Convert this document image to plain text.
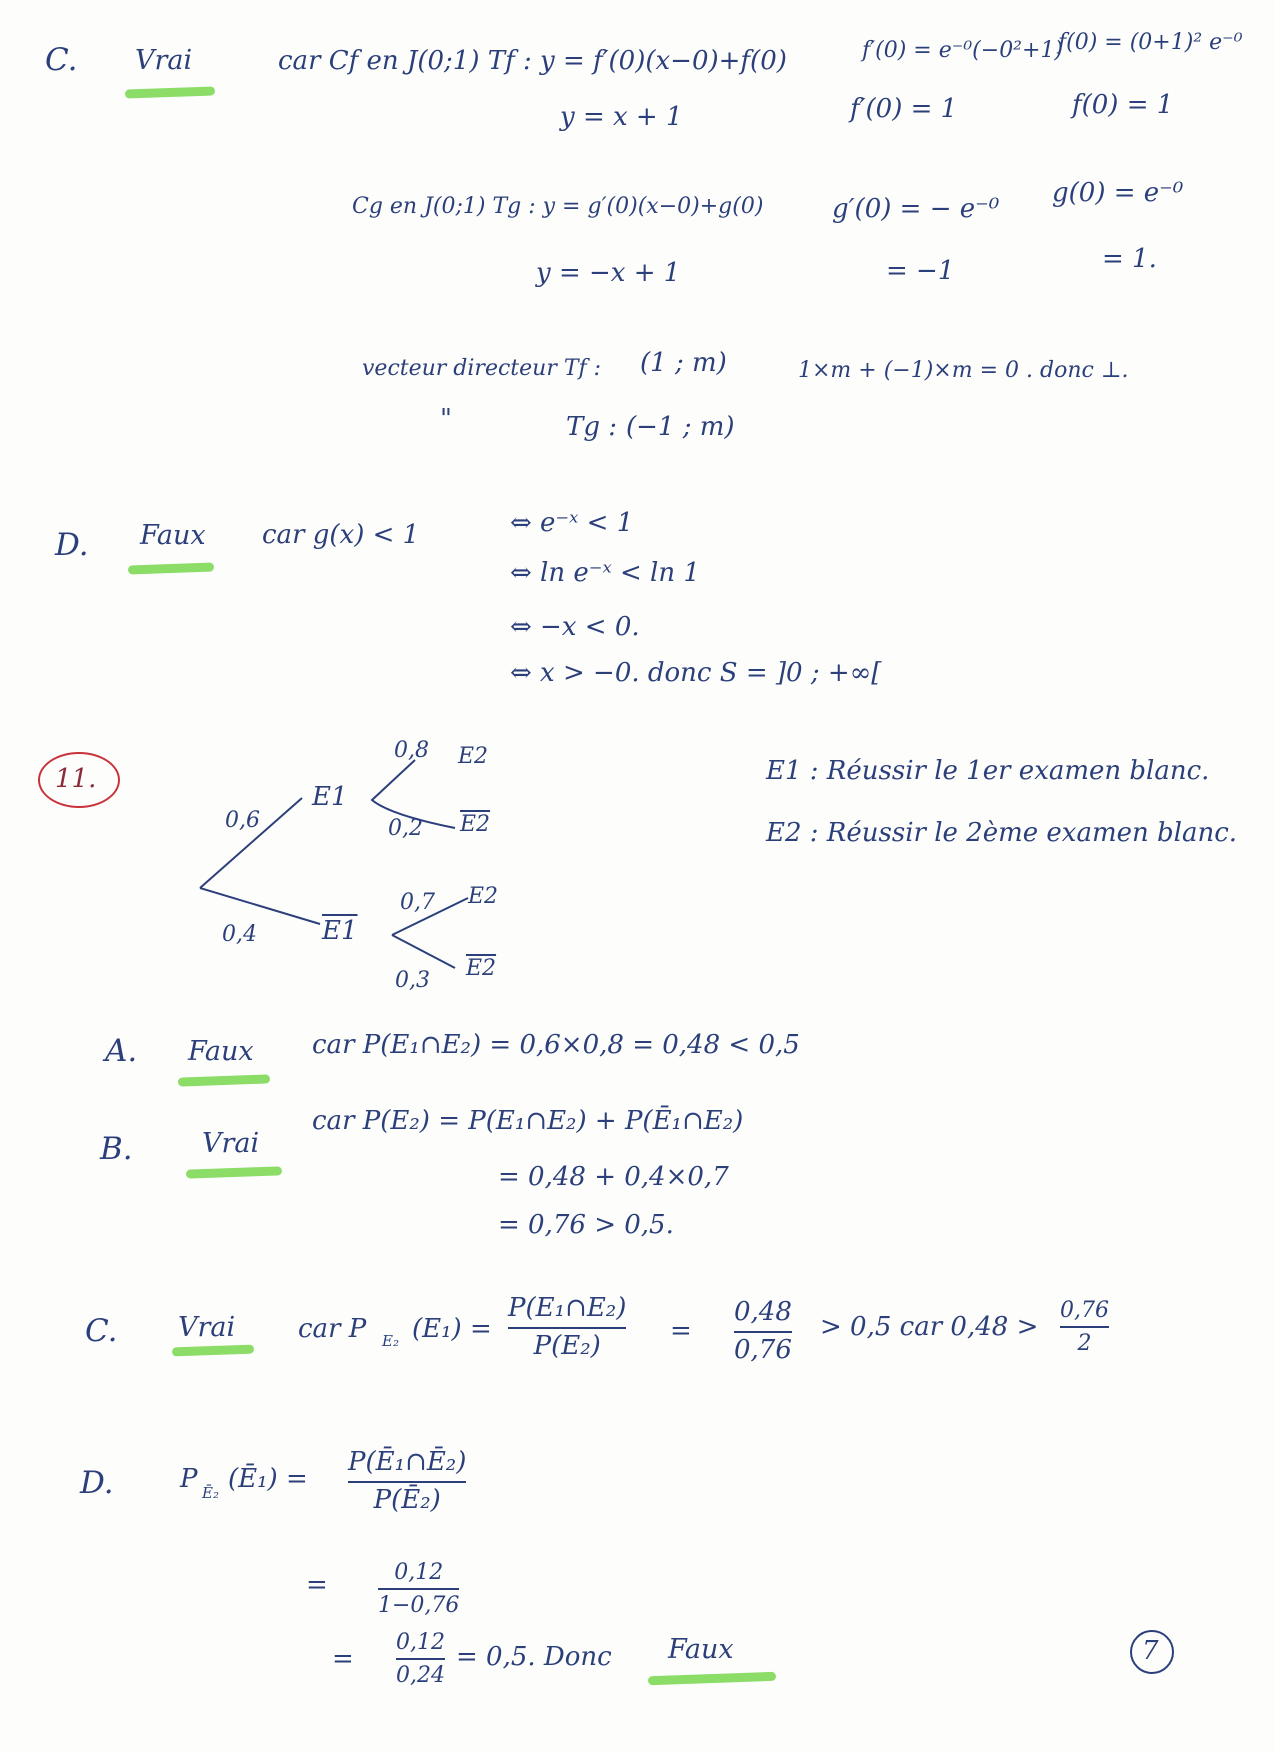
C. Vrai	car Cf en J(0;1) Tf : y = f′(0)(x−0)+f(0)	f′(0) = e⁻⁰(−0²+1)
f(0) = (0+1)² e⁻⁰
y = x + 1	f′(0) = 1	f(0) = 1
Cg en J(0;1) Tg : y = g′(0)(x−0)+g(0)	g′(0) = − e⁻⁰
g(0) = e⁻⁰
y = −x + 1	= −1	= 1.
vecteur directeur Tf : (1 ; m)	1×m + (−1)×m = 0 . donc ⊥.
"	Tg : (−1 ; m)
D. Faux car g(x) < 1	⇔ e⁻ˣ < 1
⇔ ln e⁻ˣ < ln 1
⇔ −x < 0.
⇔ x > −0. donc S = ]0 ; +∞[
11.
0,6
0,4
E1
E1
0,8
0,2
E2
E2
0,7
0,3
E2
E2
E1 : Réussir le 1er examen blanc.
E2 : Réussir le 2ème examen blanc.
A. Faux car P(E₁∩E₂) = 0,6×0,8 = 0,48 < 0,5
B.	Vrai
car P(E₂) = P(E₁∩E₂) + P(Ē₁∩E₂)
= 0,48 + 0,4×0,7
= 0,76 > 0,5.
C. Vrai car P E₂ (E₁) =
P(E₁∩E₂)
P(E₂)	=
0,48
0,76
> 0,5 car 0,48 >
0,76
2
D.	P Ē₂ (Ē₁) =
P(Ē₁∩Ē₂)
P(Ē₂)
=	0,12
1−0,76
=
0,12
0,24
= 0,5. Donc Faux	7
